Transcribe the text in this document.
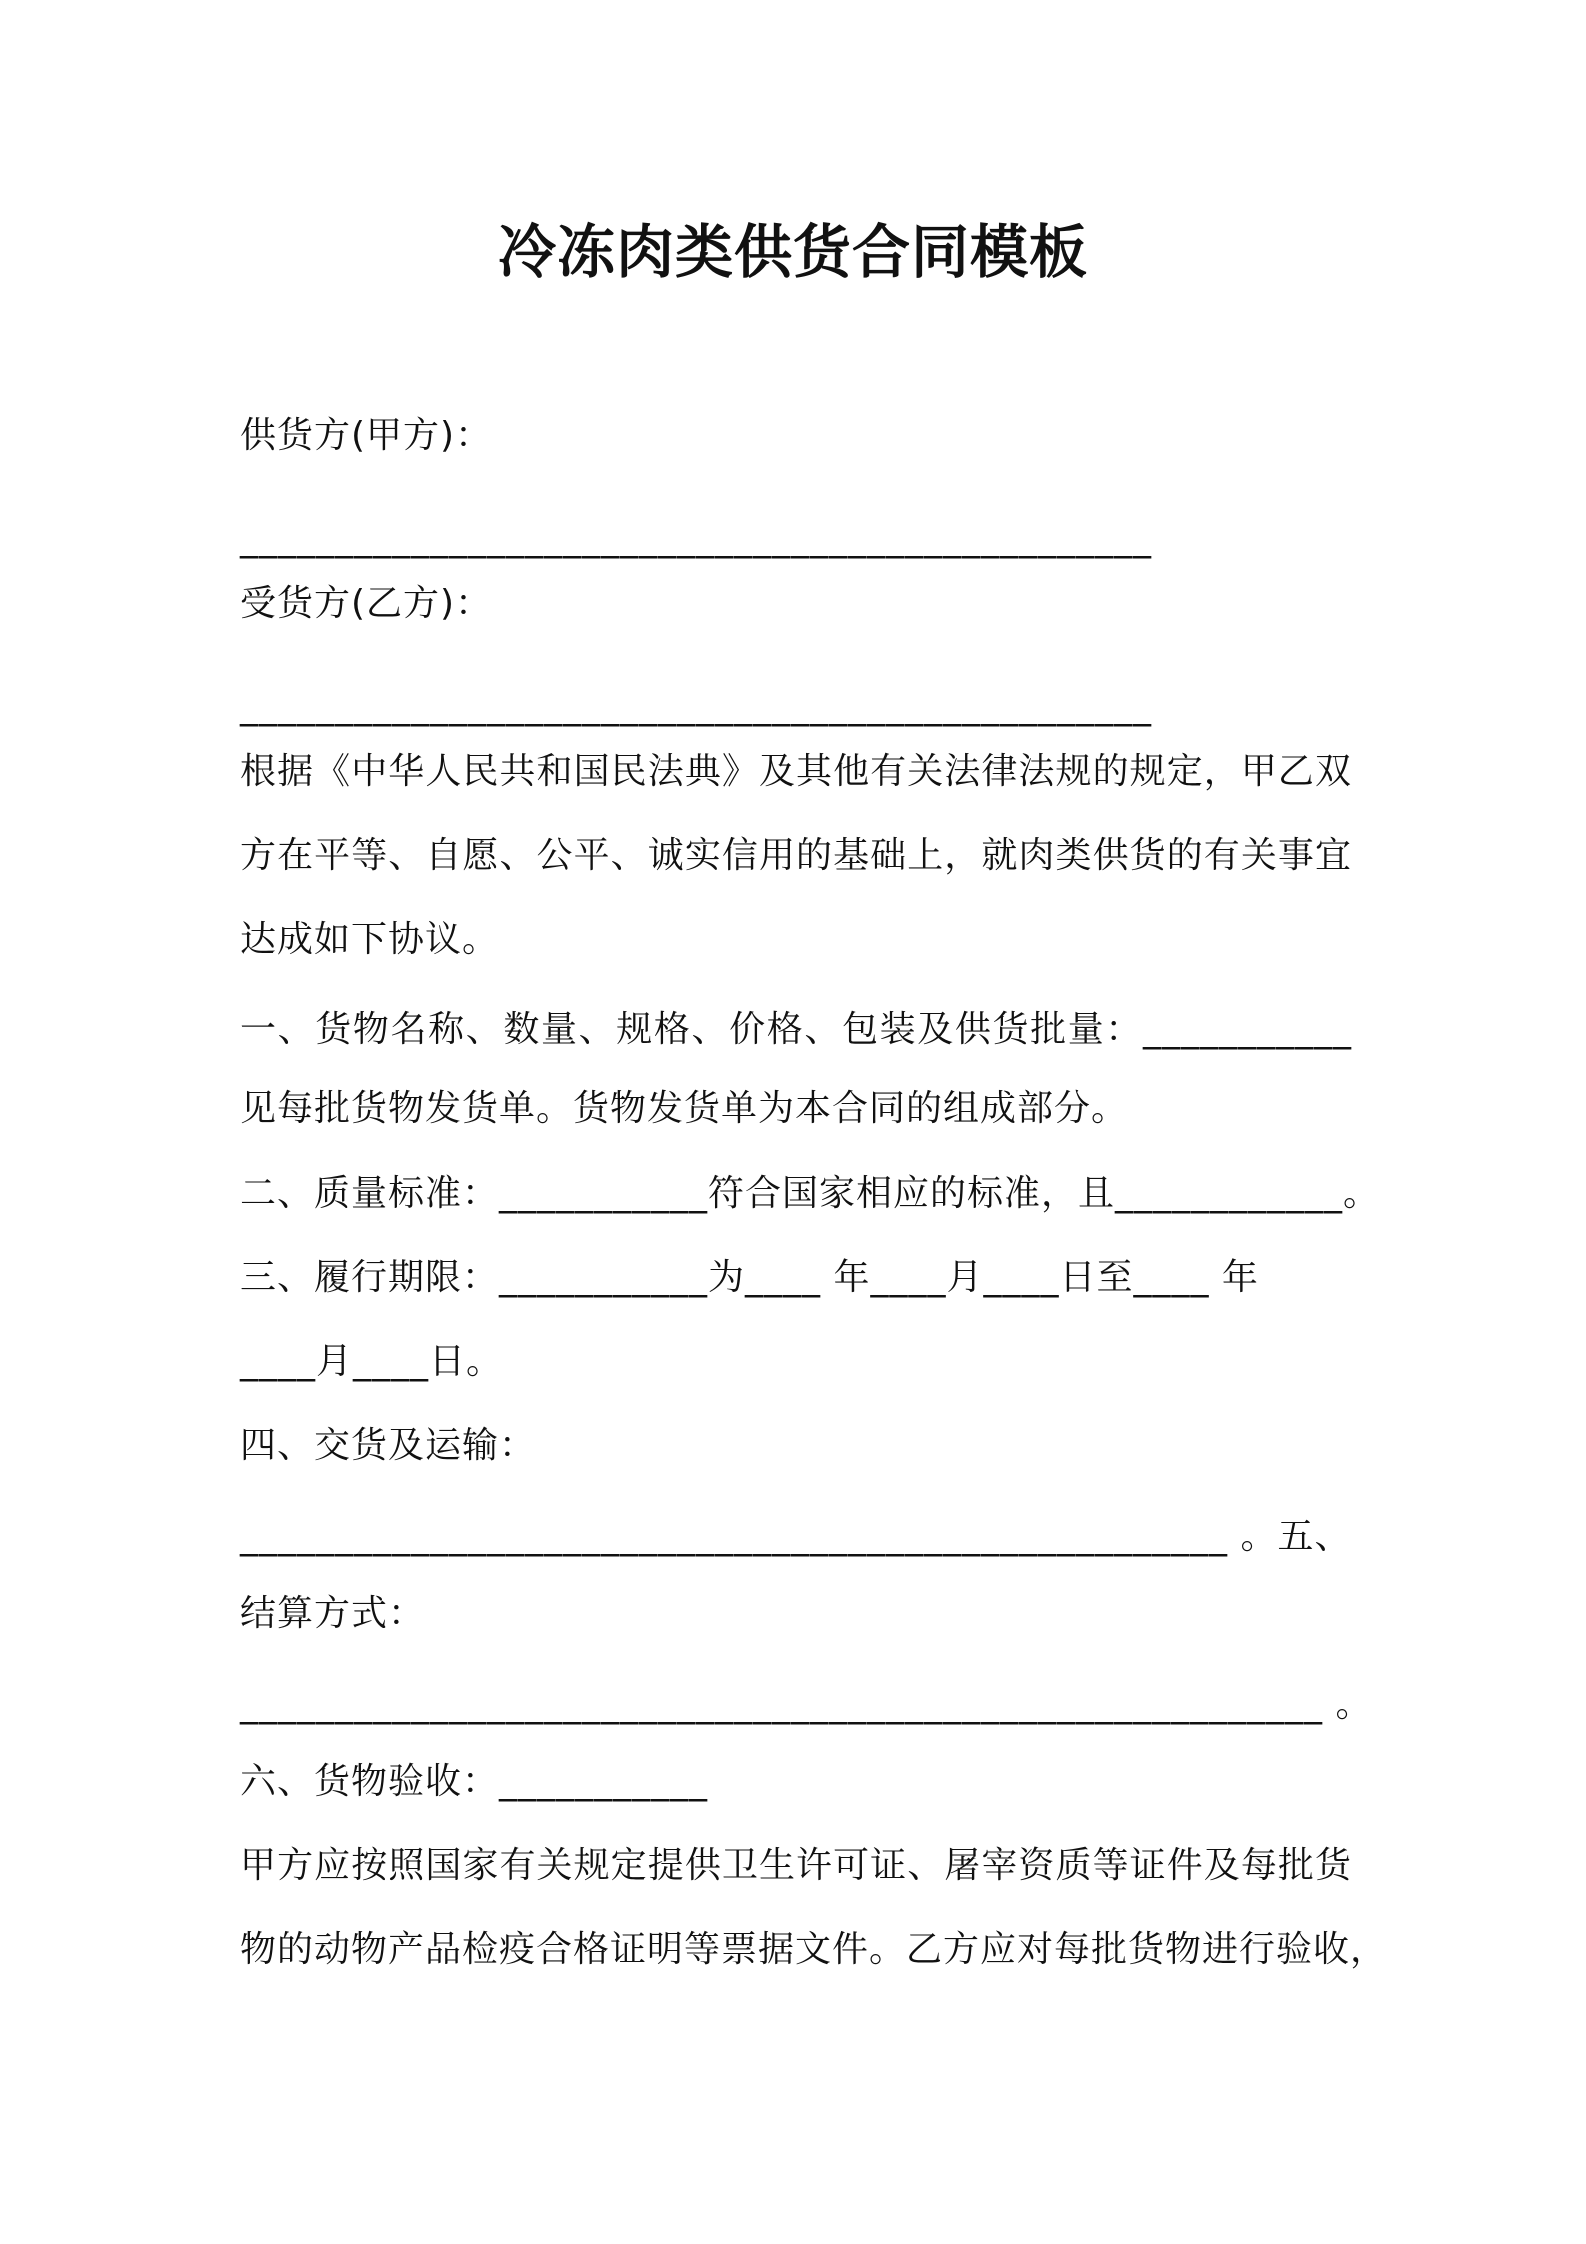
冷冻肉类供货合同模板
供货方(甲方)：
________________________________________________
受货方(乙方)：
________________________________________________
根据《中华人民共和国民法典》及其他有关法律法规的规定，甲乙双
方在平等、自愿、公平、诚实信用的基础上，就肉类供货的有关事宜
达成如下协议。
一、货物名称、数量、规格、价格、包装及供货批量：___________
见每批货物发货单。货物发货单为本合同的组成部分。
二、质量标准：___________符合国家相应的标准，且____________。
三、履行期限：___________为____ 年____月____日至____ 年
____月____日。
四、交货及运输：
____________________________________________________ 。五、
结算方式：
_________________________________________________________ 。
六、货物验收：___________
甲方应按照国家有关规定提供卫生许可证、屠宰资质等证件及每批货
物的动物产品检疫合格证明等票据文件。乙方应对每批货物进行验收，
